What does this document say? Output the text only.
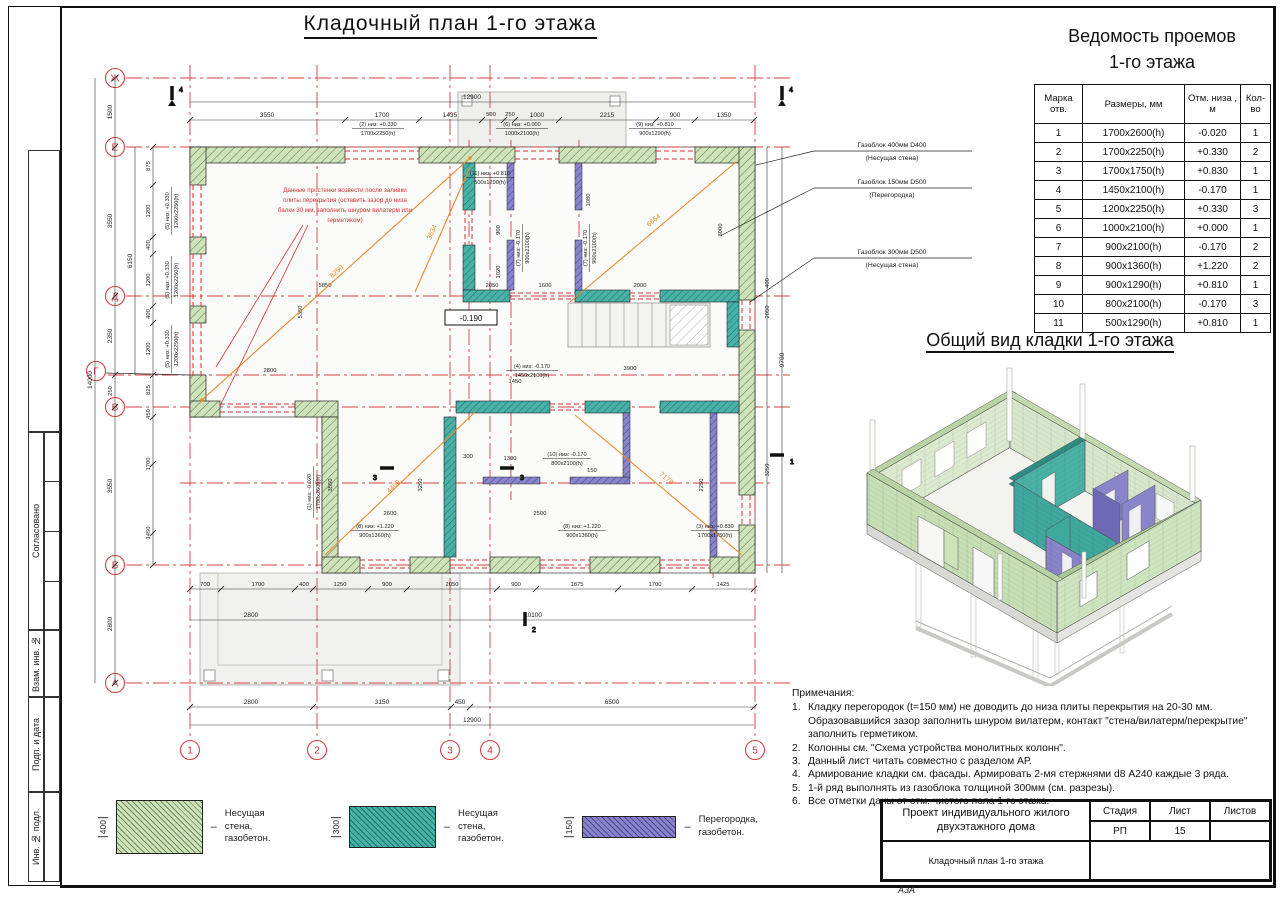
Согласовано
Взам. инв. №
Подп. и дата
Инв. № подл.
Кладочный план 1-го этажа
Ж
Е
Д
Г
В
Б
А
1	2	3	4	5
12900
3550	1700	1435	500 250 1000	2215	900	1350
14000
1500
3550
2350
250
3550
2800
6150
875
1200
400
1200
400
1200
825
450
1700
1450
9700
2050
3250
400
700	1700	400	1250	900	2050	900	1875	1700	1425
2800	10100
2800	3150	450	6500
12900
5850
5350
2800
2050	1600	2000
900
1080
3000
1020
3900
1450
2600	2500
1300
3550	3250	2250
150
300
8250
3634
6664
4400
7178
Данные простенки возвести после заливки
плиты перекрытия (оставить зазор до низа
балки 30 мм, заполнить шнуром вилатерм или
герметиком)
-0.190
(2) низ: +0.330
1700х2250(h)
(6) низ: +0.000
1000х2100(h)
(9) низ: +0.810
900х1290(h)
(5) низ: +0.330 1200х2250(h)
(5) низ: +0.330 1200х2250(h)
(5) низ: +0.330 1200х2250(h)
(11) низ: +0.810
500х1290(h)
(7) низ: -0.170 900х2100(h)	(7) низ: -0.170 900х2100(h)
(4) низ: -0.170
1450х2100(h)
(10) низ: -0.170
800х2100(h)
(8) низ: +1.220
900х1360(h)
(8) низ: +1.220
900х1360(h)
(3) низ: +0.830
1700х1750(h)
(1) низ: -0.020 1700х2600(h)
Газоблок 400мм D400
(Несущая стена)
Газоблок 150мм D500
(Перегородка)
Газоблок 300мм D500
(Несущая стена)
4	4
1
2
3	3
Ведомость проемов
1-го этажа
Марка отв.	Размеры, мм	Отм. низа , м	Кол-во
1	1700х2600(h)	-0.020	1
2	1700х2250(h)	+0.330	2
3	1700х1750(h)	+0.830	1
4	1450х2100(h)	-0.170	1
5	1200х2250(h)	+0.330	3
6	1000х2100(h)	+0.000	1
7	900х2100(h)	-0.170	2
8	900х1360(h)	+1.220	2
9	900х1290(h)	+0.810	1
10	800х2100(h)	-0.170	3
11	500х1290(h)	+0.810	1
Общий вид кладки 1-го этажа
Примечания:
1. Кладку перегородок (t=150 мм) не доводить до низа плиты перекрытия на 20-30 мм. Образовавшийся зазор заполнить шнуром вилатерм, контакт "стена/вилатерм/перекрытие" заполнить герметиком.
2. Колонны см. "Схема устройства монолитных колонн".
3. Данный лист читать совместно с разделом АР.
4. Армирование кладки см. фасады. Армировать 2-мя стержнями d8 А240 каждые 3 ряда.
5. 1-й ряд выполнять из газоблока толщиной 300мм (см. разрезы).
6. Все отметки даны от отм. чистого пола 1-го этажа.
400	–
Несущая стена,
газобетон.
300	–
Несущая стена,
газобетон.
150	–
Перегородка,
газобетон.
Проект индивидуального жилого
двухэтажного дома
Стадия	Лист	Листов
РП	15
Кладочный план 1-го этажа
А3А
